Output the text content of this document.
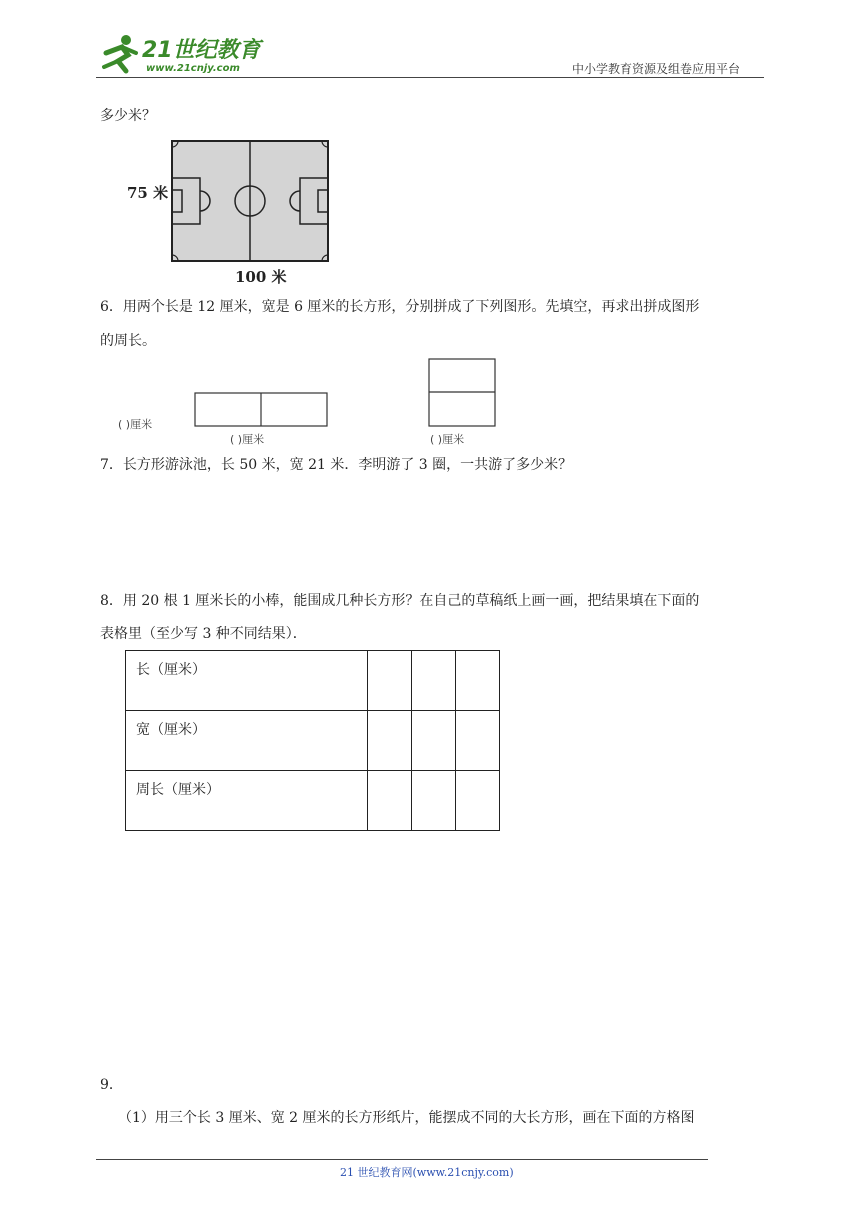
21世纪教育
www.21cnjy.com	中小学教育资源及组卷应用平台
多少米？
75 米
100 米
6．用两个长是 12 厘米，宽是 6 厘米的长方形，分别拼成了下列图形。先填空，再求出拼成图形
的周长。
( )厘米
( )厘米	( )厘米
7．长方形游泳池，长 50 米，宽 21 米．李明游了 3 圈，一共游了多少米？
8．用 20 根 1 厘米长的小棒，能围成几种长方形？在自己的草稿纸上画一画，把结果填在下面的
表格里（至少写 3 种不同结果）．
长（厘米）			
宽（厘米）			
周长（厘米）			
9．
（1）用三个长 3 厘米、宽 2 厘米的长方形纸片，能摆成不同的大长方形，画在下面的方格图
21 世纪教育网(www.21cnjy.com)
